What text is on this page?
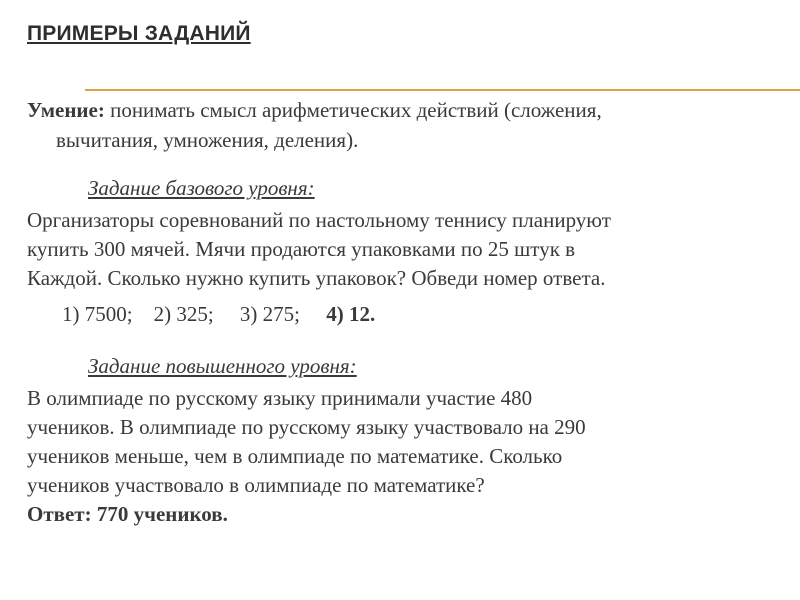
ПРИМЕРЫ ЗАДАНИЙ
Умение: понимать смысл арифметических действий (сложения,
вычитания, умножения, деления).
Задание базового уровня:
Организаторы соревнований по настольному теннису планируют
купить 300 мячей. Мячи продаются упаковками по 25 штук в
Каждой. Сколько нужно купить упаковок? Обведи номер ответа.
1) 7500;    2) 325;     3) 275;     4) 12.
Задание повышенного уровня:
В олимпиаде по русскому языку принимали участие 480
учеников. В олимпиаде по русскому языку участвовало на 290
учеников меньше, чем в олимпиаде по математике. Сколько
учеников участвовало в олимпиаде по математике?
Ответ: 770 учеников.
